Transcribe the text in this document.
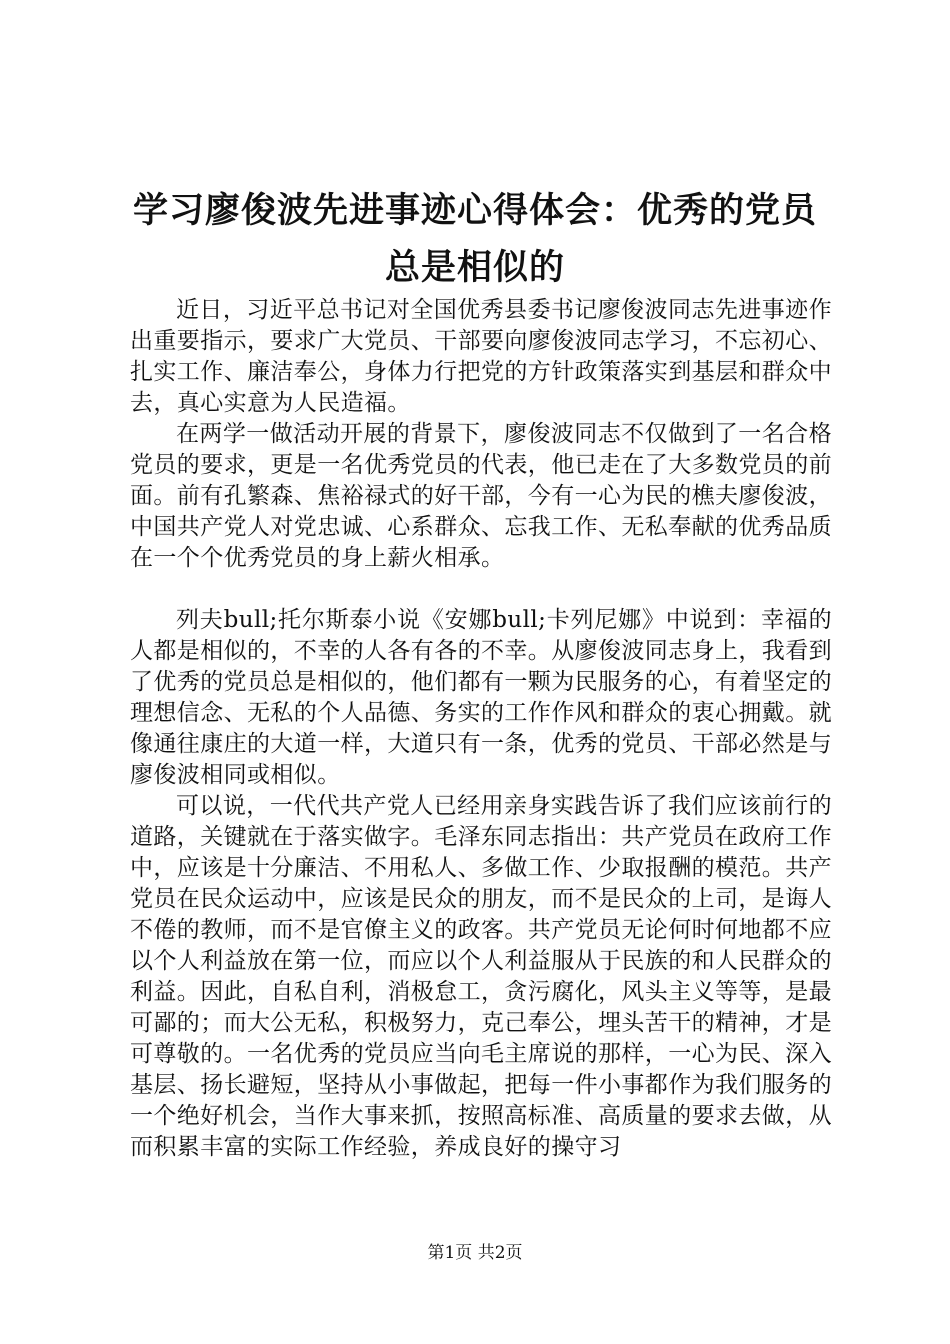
学习廖俊波先进事迹心得体会：优秀的党员总是相似的

近日，习近平总书记对全国优秀县委书记廖俊波同志先进事迹作出重要指示，要求广大党员、干部要向廖俊波同志学习，不忘初心、扎实工作、廉洁奉公，身体力行把党的方针政策落实到基层和群众中去，真心实意为人民造福。

在两学一做活动开展的背景下，廖俊波同志不仅做到了一名合格党员的要求，更是一名优秀党员的代表，他已走在了大多数党员的前面。前有孔繁森、焦裕禄式的好干部，今有一心为民的樵夫廖俊波，中国共产党人对党忠诚、心系群众、忘我工作、无私奉献的优秀品质在一个个优秀党员的身上薪火相承。

列夫bull;托尔斯泰小说《安娜bull;卡列尼娜》中说到：幸福的人都是相似的，不幸的人各有各的不幸。从廖俊波同志身上，我看到了优秀的党员总是相似的，他们都有一颗为民服务的心，有着坚定的理想信念、无私的个人品德、务实的工作作风和群众的衷心拥戴。就像通往康庄的大道一样，大道只有一条，优秀的党员、干部必然是与廖俊波相同或相似。

可以说，一代代共产党人已经用亲身实践告诉了我们应该前行的道路，关键就在于落实做字。毛泽东同志指出：共产党员在政府工作中，应该是十分廉洁、不用私人、多做工作、少取报酬的模范。共产党员在民众运动中，应该是民众的朋友，而不是民众的上司，是诲人不倦的教师，而不是官僚主义的政客。共产党员无论何时何地都不应以个人利益放在第一位，而应以个人利益服从于民族的和人民群众的利益。因此，自私自利，消极怠工，贪污腐化，风头主义等等，是最可鄙的；而大公无私，积极努力，克己奉公，埋头苦干的精神，才是可尊敬的。一名优秀的党员应当向毛主席说的那样，一心为民、深入基层、扬长避短，坚持从小事做起，把每一件小事都作为我们服务的一个绝好机会，当作大事来抓，按照高标准、高质量的要求去做，从而积累丰富的实际工作经验，养成良好的操守习

第1页 共2页
